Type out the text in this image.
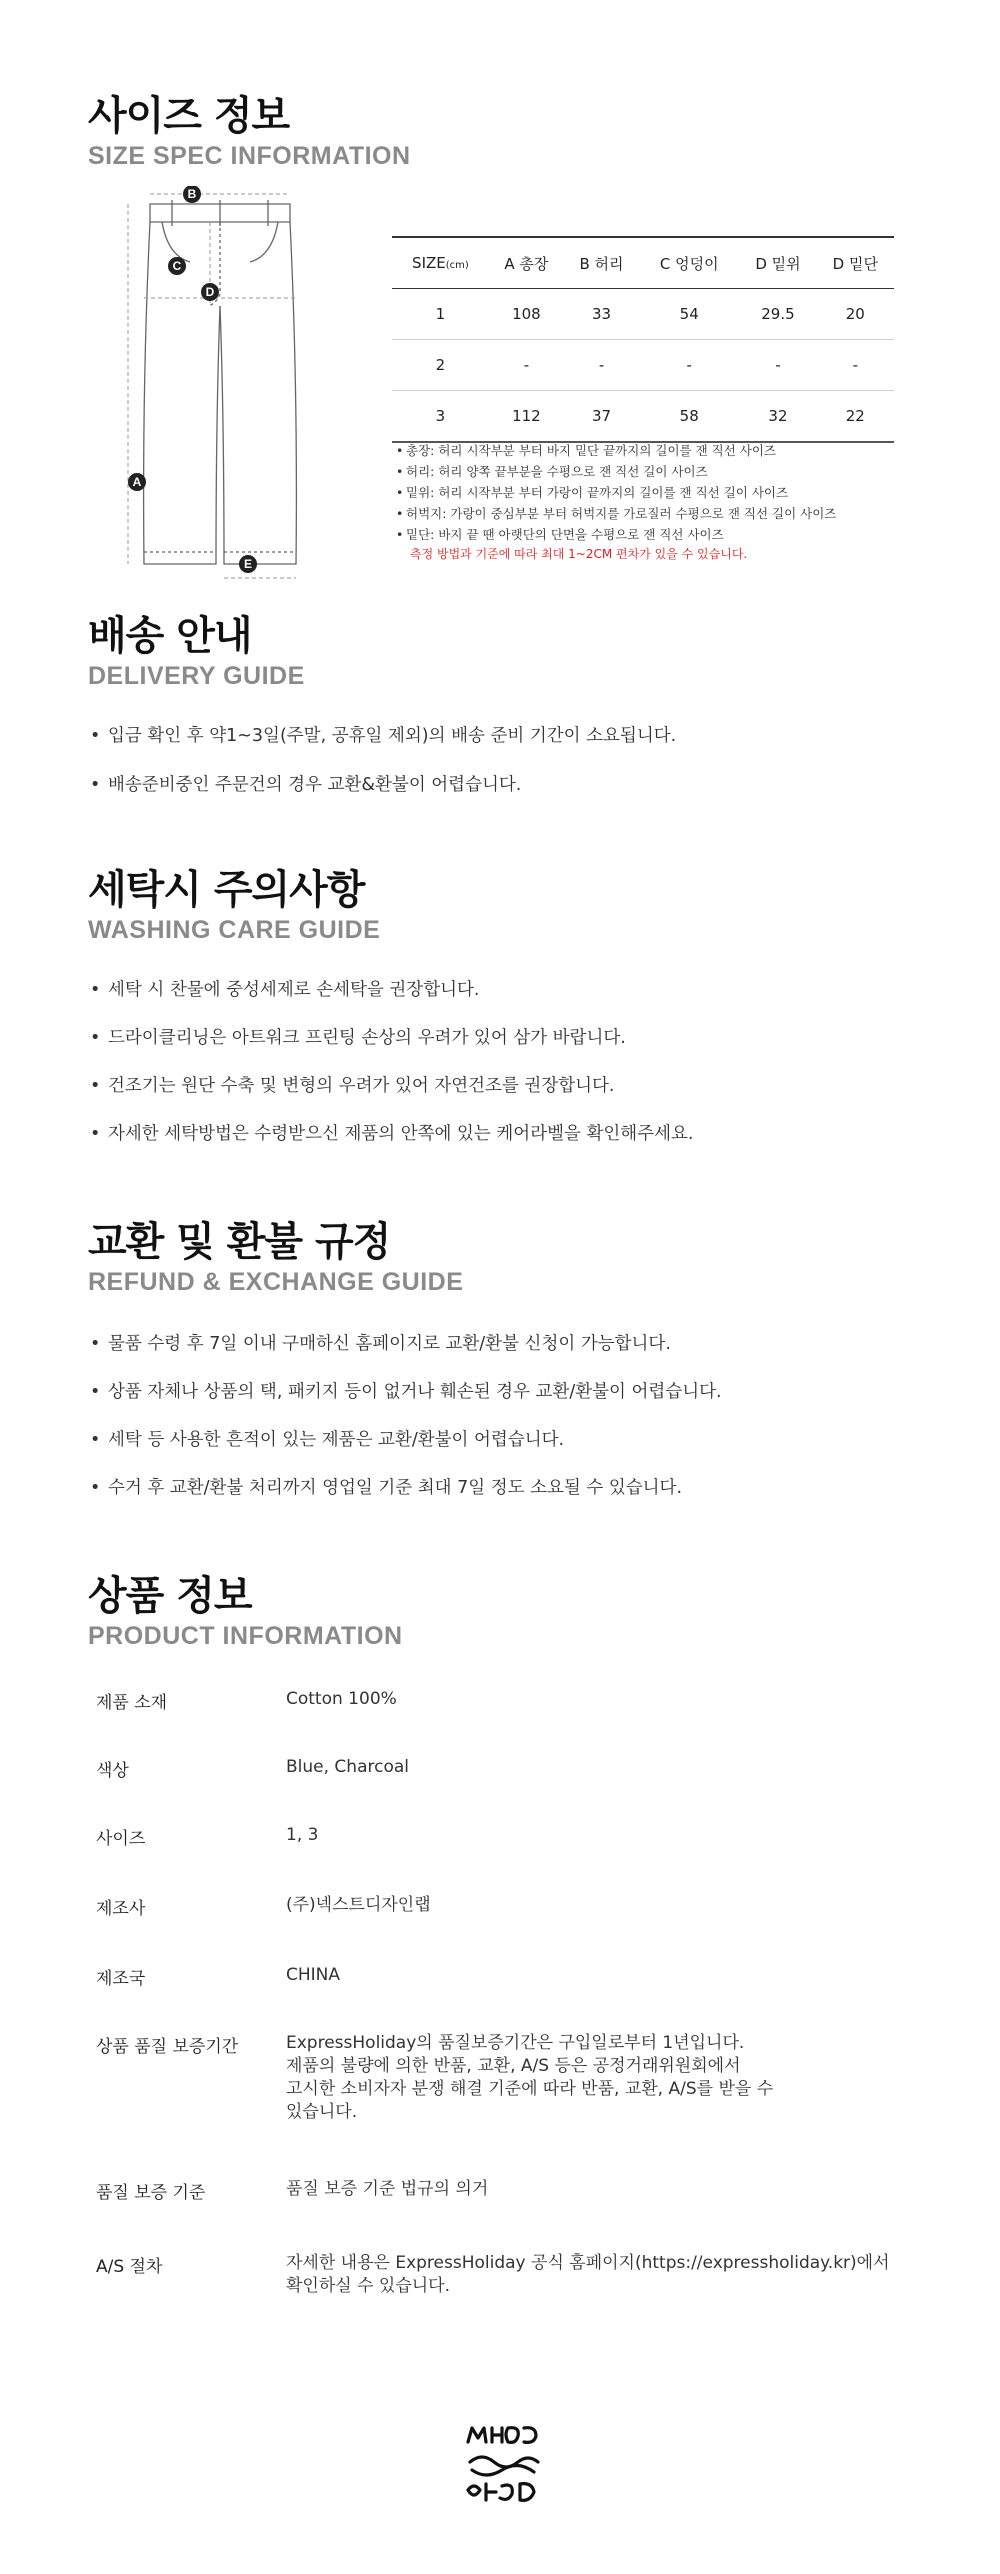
사이즈 정보
SIZE SPEC INFORMATION
A
B
C
D
E
SIZE(cm)	A 총장	B 허리	C 엉덩이	D 밑위	D 밑단
1	108	33	54	29.5	20
2	-	-	-	-	-
3	112	37	58	32	22
• 총장: 허리 시작부분 부터 바지 밑단 끝까지의 길이를 잰 직선 사이즈
• 허리: 허리 양쪽 끝부분을 수평으로 잰 직선 길이 사이즈
• 밑위: 허리 시작부분 부터 가랑이 끝까지의 길이를 잰 직선 길이 사이즈
• 허벅지: 가랑이 중심부분 부터 허벅지를 가로질러 수평으로 잰 직선 길이 사이즈
• 밑단: 바지 끝 땐 아랫단의 단면을 수평으로 잰 직선 사이즈

측정 방법과 기준에 따라 최대 1~2CM 편차가 있을 수 있습니다.

배송 안내
DELIVERY GUIDE
• 입금 확인 후 약1~3일(주말, 공휴일 제외)의 배송 준비 기간이 소요됩니다.
• 배송준비중인 주문건의 경우 교환&환불이 어렵습니다.
세탁시 주의사항
WASHING CARE GUIDE
• 세탁 시 찬물에 중성세제로 손세탁을 권장합니다.
• 드라이클리닝은 아트워크 프린팅 손상의 우려가 있어 삼가 바랍니다.
• 건조기는 원단 수축 및 변형의 우려가 있어 자연건조를 권장합니다.
• 자세한 세탁방법은 수령받으신 제품의 안쪽에 있는 케어라벨을 확인해주세요.
교환 및 환불 규정
REFUND & EXCHANGE GUIDE
• 물품 수령 후 7일 이내 구매하신 홈페이지로 교환/환불 신청이 가능합니다.
• 상품 자체나 상품의 택, 패키지 등이 없거나 훼손된 경우 교환/환불이 어렵습니다.
• 세탁 등 사용한 흔적이 있는 제품은 교환/환불이 어렵습니다.
• 수거 후 교환/환불 처리까지 영업일 기준 최대 7일 정도 소요될 수 있습니다.
상품 정보
PRODUCT INFORMATION
제품 소재	Cotton 100%
색상	Blue, Charcoal
사이즈	1, 3
제조사	(주)넥스트디자인랩
제조국	CHINA
상품 품질 보증기간	ExpressHoliday의 품질보증기간은 구입일로부터 1년입니다.
제품의 불량에 의한 반품, 교환, A/S 등은 공정거래위원회에서
고시한 소비자자 분쟁 해결 기준에 따라 반품, 교환, A/S를 받을 수
있습니다.
품질 보증 기준	품질 보증 기준 법규의 의거
A/S 절차	자세한 내용은 ExpressHoliday 공식 홈페이지(https://expressholiday.kr)에서
확인하실 수 있습니다.
